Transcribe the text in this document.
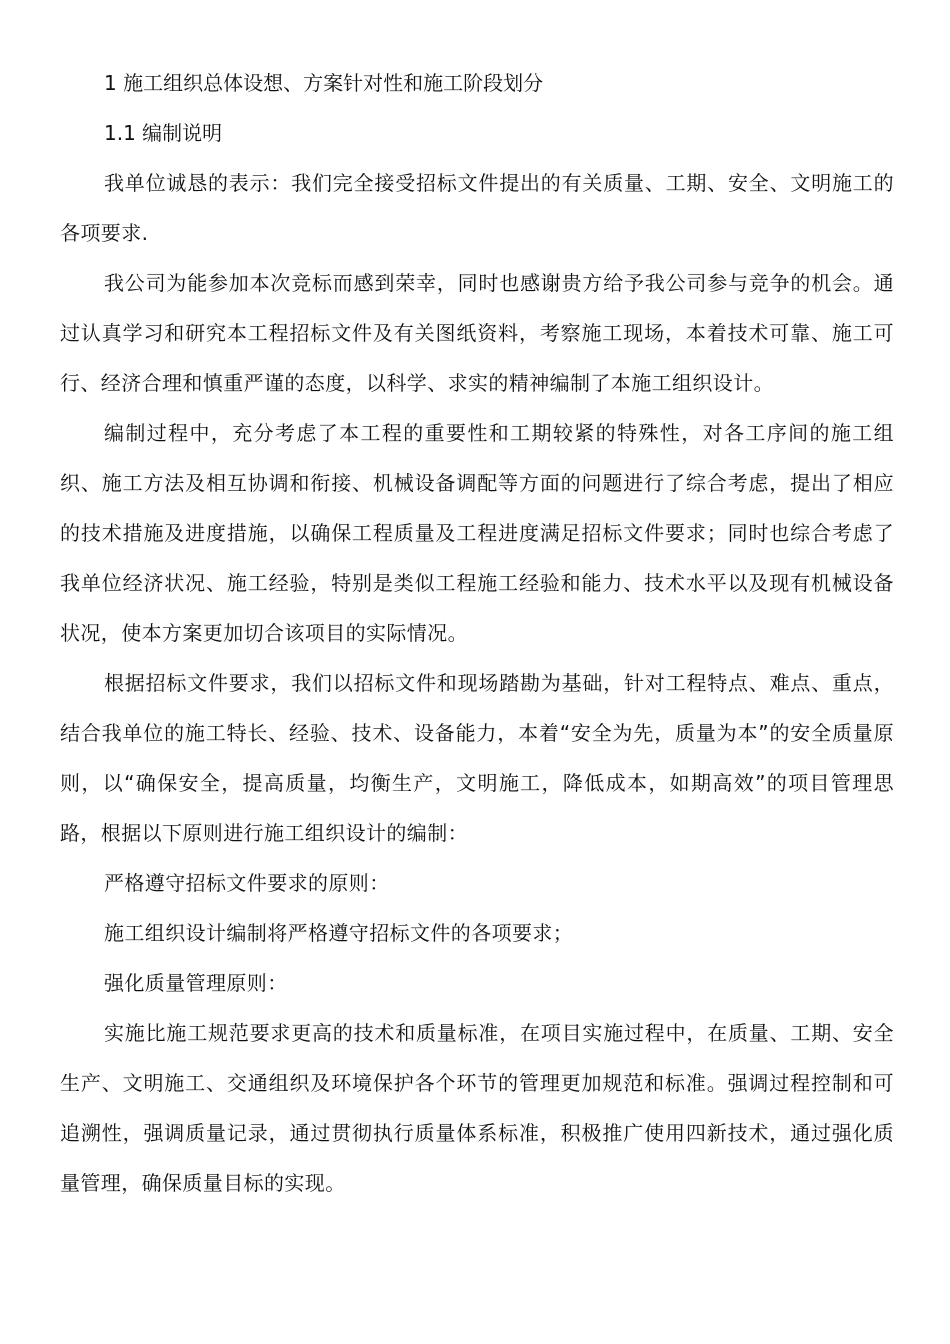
1 施工组织总体设想、方案针对性和施工阶段划分
1.1 编制说明

我单位诚恳的表示：我们完全接受招标文件提出的有关质量、工期、安全、文明施工的各项要求.

我公司为能参加本次竞标而感到荣幸，同时也感谢贵方给予我公司参与竞争的机会。通过认真学习和研究本工程招标文件及有关图纸资料，考察施工现场，本着技术可靠、施工可行、经济合理和慎重严谨的态度，以科学、求实的精神编制了本施工组织设计。

编制过程中，充分考虑了本工程的重要性和工期较紧的特殊性，对各工序间的施工组织、施工方法及相互协调和衔接、机械设备调配等方面的问题进行了综合考虑，提出了相应的技术措施及进度措施，以确保工程质量及工程进度满足招标文件要求；同时也综合考虑了我单位经济状况、施工经验，特别是类似工程施工经验和能力、技术水平以及现有机械设备状况，使本方案更加切合该项目的实际情况。

根据招标文件要求，我们以招标文件和现场踏勘为基础，针对工程特点、难点、重点，结合我单位的施工特长、经验、技术、设备能力，本着“安全为先，质量为本”的安全质量原则，以“确保安全，提高质量，均衡生产，文明施工，降低成本，如期高效”的项目管理思路，根据以下原则进行施工组织设计的编制：

严格遵守招标文件要求的原则：

施工组织设计编制将严格遵守招标文件的各项要求；

强化质量管理原则：

实施比施工规范要求更高的技术和质量标准，在项目实施过程中，在质量、工期、安全生产、文明施工、交通组织及环境保护各个环节的管理更加规范和标准。强调过程控制和可追溯性，强调质量记录，通过贯彻执行质量体系标准，积极推广使用四新技术，通过强化质量管理，确保质量目标的实现。
